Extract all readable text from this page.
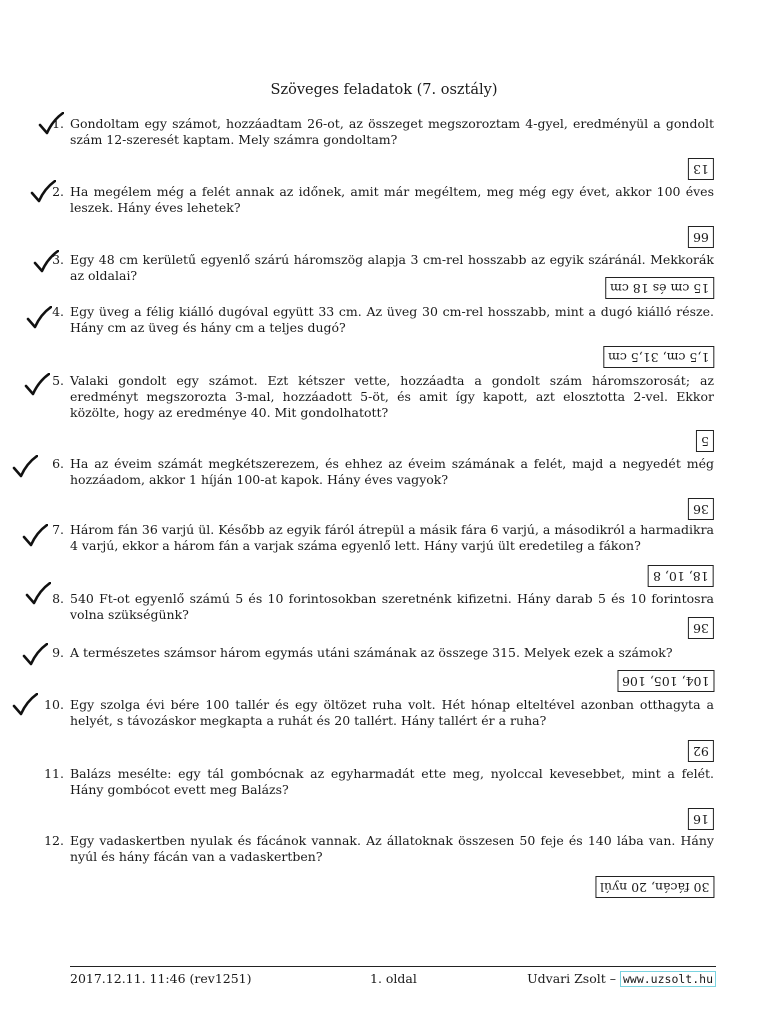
Szöveges feladatok (7. osztály)
1. Gondoltam egy számot, hozzáadtam 26-ot, az összeget megszoroztam 4-gyel, eredményül a gondolt szám 12-szeresét kaptam. Mely számra gondoltam?
13
2. Ha megélem még a felét annak az időnek, amit már megéltem, meg még egy évet, akkor 100 éves leszek. Hány éves lehetek?
66
3. Egy 48 cm kerületű egyenlő szárú háromszög alapja 3 cm-rel hosszabb az egyik száránál. Mekkorák az oldalai?
15 cm és 18 cm
4. Egy üveg a félig kiálló dugóval együtt 33 cm. Az üveg 30 cm-rel hosszabb, mint a dugó kiálló része. Hány cm az üveg és hány cm a teljes dugó?
1,5 cm, 31,5 cm
5. Valaki gondolt egy számot. Ezt kétszer vette, hozzáadta a gondolt szám háromszorosát; az eredményt megszorozta 3-mal, hozzáadott 5-öt, és amit így kapott, azt elosztotta 2-vel. Ekkor közölte, hogy az eredménye 40. Mit gondolhatott?
5
6. Ha az éveim számát megkétszerezem, és ehhez az éveim számának a felét, majd a negyedét még hozzáadom, akkor 1 híján 100-at kapok. Hány éves vagyok?
36
7. Három fán 36 varjú ül. Később az egyik fáról átrepül a másik fára 6 varjú, a másodikról a harmadikra 4 varjú, ekkor a három fán a varjak száma egyenlő lett. Hány varjú ült eredetileg a fákon?
18, 10, 8
8. 540 Ft-ot egyenlő számú 5 és 10 forintosokban szeretnénk kifizetni. Hány darab 5 és 10 forintosra volna szükségünk?
36
9. A természetes számsor három egymás utáni számának az összege 315. Melyek ezek a számok?
104, 105, 106
10. Egy szolga évi bére 100 tallér és egy öltözet ruha volt. Hét hónap elteltével azonban otthagyta a helyét, s távozáskor megkapta a ruhát és 20 tallért. Hány tallért ér a ruha?
92
11. Balázs mesélte: egy tál gombócnak az egyharmadát ette meg, nyolccal kevesebbet, mint a felét. Hány gombócot evett meg Balázs?
16
12. Egy vadaskertben nyulak és fácánok vannak. Az állatoknak összesen 50 feje és 140 lába van. Hány nyúl és hány fácán van a vadaskertben?
30 fácán, 20 nyúl
2017.12.11. 11:46 (rev1251)	1. oldal	Udvari Zsolt – www.uzsolt.hu
